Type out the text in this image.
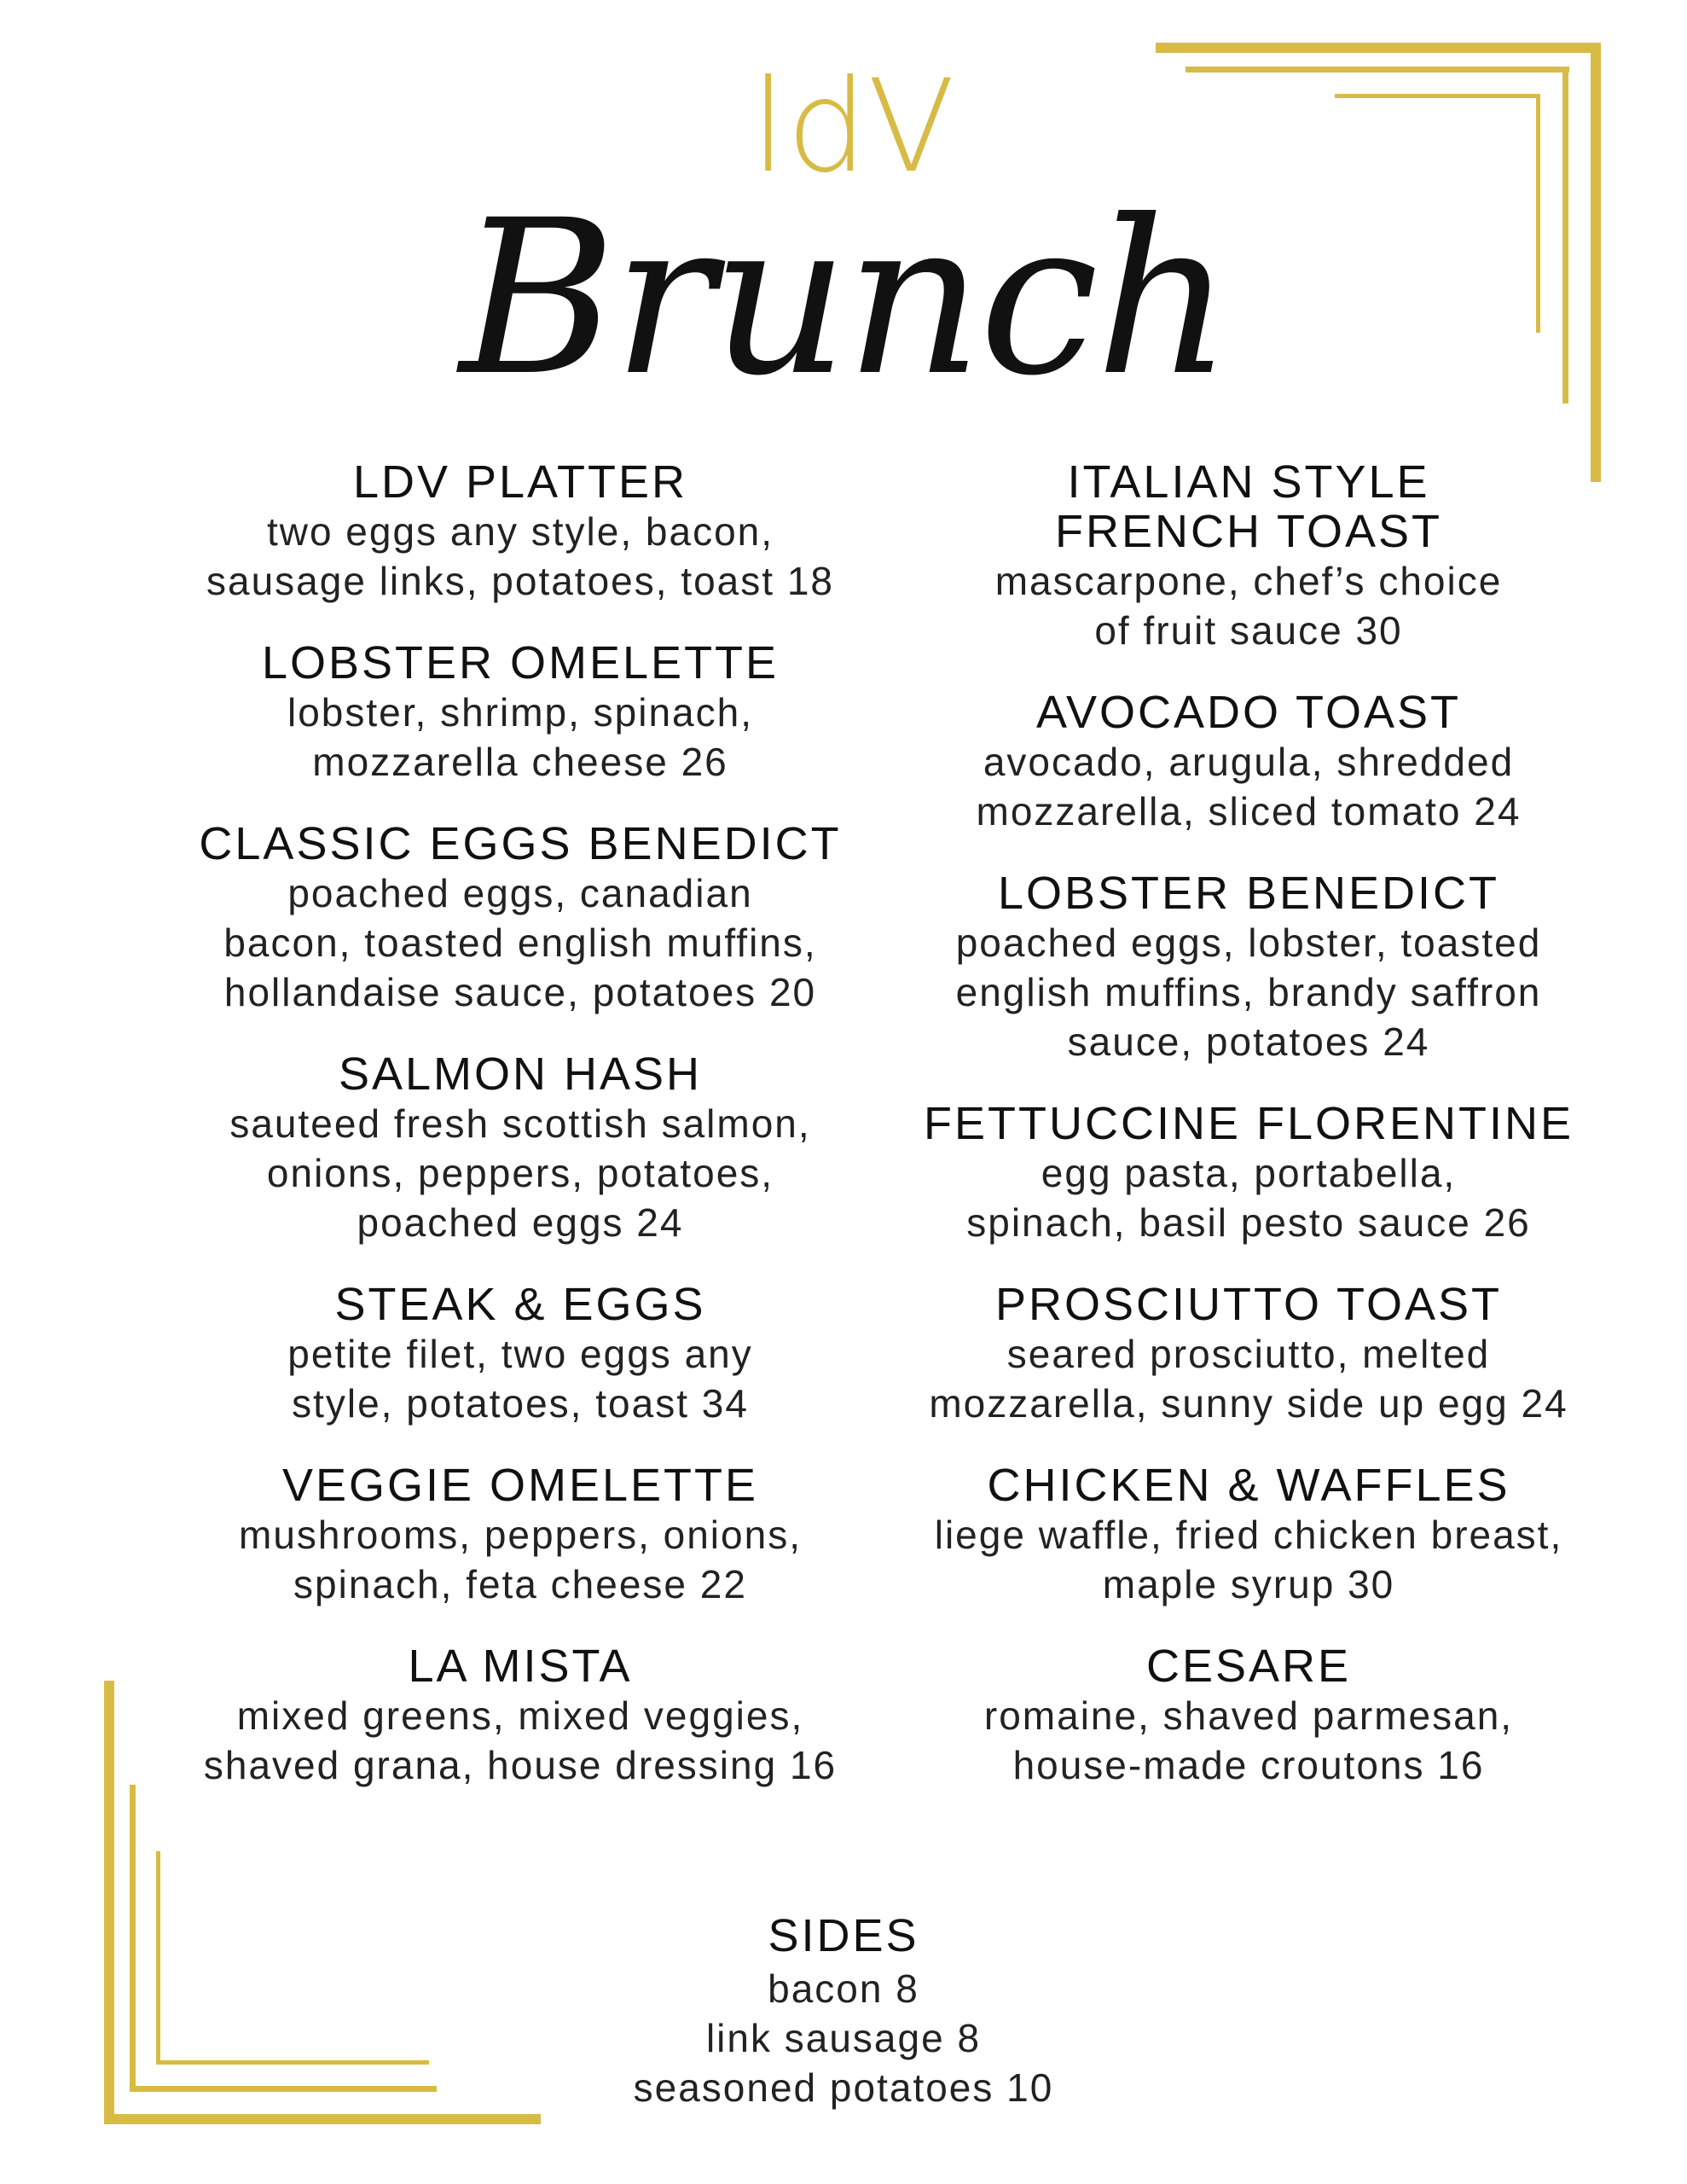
ldV
Brunch
LDV PLATTER
two eggs any style, bacon,
sausage links, potatoes, toast 18
LOBSTER OMELETTE
lobster, shrimp, spinach,
mozzarella cheese 26
CLASSIC EGGS BENEDICT
poached eggs, canadian
bacon, toasted english muffins,
hollandaise sauce, potatoes 20
SALMON HASH
sauteed fresh scottish salmon,
onions, peppers, potatoes,
poached eggs 24
STEAK & EGGS
petite filet, two eggs any
style, potatoes, toast 34
VEGGIE OMELETTE
mushrooms, peppers, onions,
spinach, feta cheese 22
LA MISTA
mixed greens, mixed veggies,
shaved grana, house dressing 16
ITALIAN STYLE
FRENCH TOAST
mascarpone, chef’s choice
of fruit sauce 30
AVOCADO TOAST
avocado, arugula, shredded
mozzarella, sliced tomato 24
LOBSTER BENEDICT
poached eggs, lobster, toasted
english muffins, brandy saffron
sauce, potatoes 24
FETTUCCINE FLORENTINE
egg pasta, portabella,
spinach, basil pesto sauce 26
PROSCIUTTO TOAST
seared prosciutto, melted
mozzarella, sunny side up egg 24
CHICKEN & WAFFLES
liege waffle, fried chicken breast,
maple syrup 30
CESARE
romaine, shaved parmesan,
house-made croutons 16
SIDES
bacon 8
link sausage 8
seasoned potatoes 10
